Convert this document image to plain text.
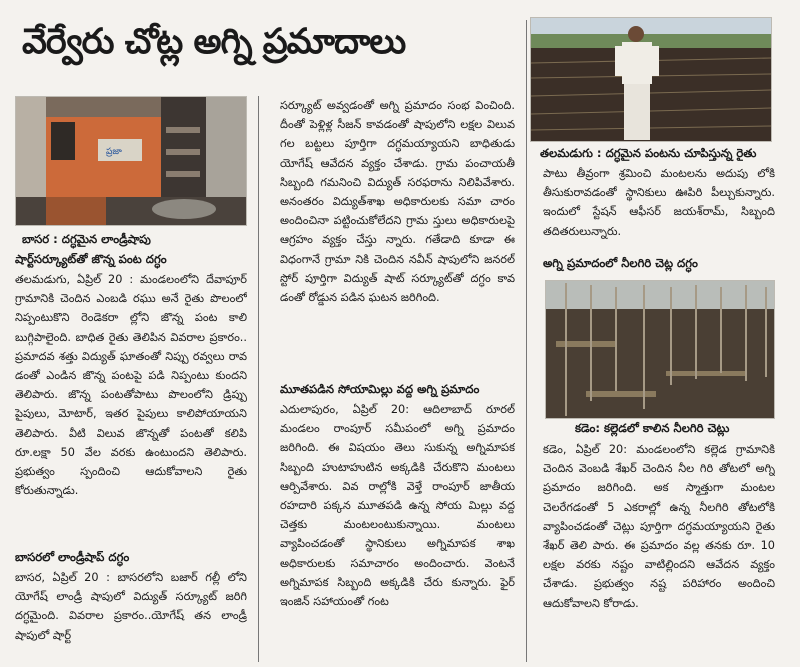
వేర్వేరు చోట్ల అగ్ని ప్రమాదాలు
ప్రజా
బాసర : దగ్ధమైన లాండ్రీషాపు
షార్ట్‌సర్క్యూట్‌తో జొన్న పంట దగ్ధం

తలమడుగు, ఏప్రిల్ 20 : మండలంలోని దేవాపూర్ గ్రామానికి చెందిన ఎంబడి రఘు అనే రైతు పొలంలో నిప్పంటుకొని రెండెకరా ల్లోని జొన్న పంట కాలి బుగ్గిపాలైంది. బాధిత రైతు తెలిపిన వివరాల ప్రకారం.. ప్రమాదవ శత్తు విద్యుత్ ఘాతంతో నిప్పు రవ్వలు రావ డంతో ఎండిన జొన్న పంటపై పడి నిప్పంటు కుందని తెలిపారు. జొన్న పంటతోపాటు పొలంలోని డ్రిప్పు పైపులు, మోటార్, ఇతర పైపులు కాలిపోయాయని తెలిపారు. వీటి విలువ జొన్నతో పంటతో కలిపి రూ.లక్షా 50 వేల వరకు ఉంటుందని తెలిపారు. ప్రభుత్వం స్పందించి ఆదుకోవాలని రైతు కోరుతున్నాడు.

బాసరలో లాండ్రీషాప్ దగ్ధం

బాసర, ఏప్రిల్ 20 : బాసరలోని బజార్ గల్లీ లోని యోగేష్ లాండ్రీ షాపులో విద్యుత్ సర్క్యూట్ జరిగి దగ్ధమైంది. వివరాల ప్రకారం..యోగేష్ తన లాండ్రీ షాపులో షార్ట్

సర్క్యూట్ అవ్వడంతో అగ్ని ప్రమాదం సంభ వించింది. దీంతో పెళ్లిళ్ల సీజన్ కావడంతో షాపులోని లక్షల విలువ గల బట్టలు పూర్తిగా దగ్ధమయ్యాయని బాధితుడు యోగేష్ ఆవేదన వ్యక్తం చేశాడు. గ్రామ పంచాయతీ సిబ్బంది గమనించి విద్యుత్ సరఫరాను నిలిపివేశారు. అనంతరం విద్యుత్‌శాఖ అధికారులకు సమా చారం అందించినా పట్టించుకోలేదని గ్రామ స్తులు అధికారులపై ఆగ్రహం వ్యక్తం చేస్తు న్నారు. గతేడాది కూడా ఈ విధంగానే గ్రామా నికి చెందిన నవీన్ షాపులోని జనరల్ స్టోర్ పూర్తిగా విద్యుత్ షాట్ సర్క్యూట్‌తో దగ్ధం కావ డంతో రోడ్డున పడిన ఘటన జరిగింది.

మూతపడిన సోయామిల్లు వద్ద అగ్ని ప్రమాదం

ఎదులాపురం, ఏప్రిల్ 20: ఆదిలాబాద్ రూరల్ మండలం రాంపూర్ సమీపంలో అగ్ని ప్రమాదం జరిగింది. ఈ విషయం తెలు సుకున్న అగ్నిమాపక సిబ్బంది హుటాహుటిన అక్కడికి చేరుకొని మంటలు ఆర్పివేశారు. వివ రాల్లోకి వెళ్తే రాంపూర్ జాతీయ రహదారి పక్కన మూతపడి ఉన్న సోయ మిల్లు వద్ద చెత్తకు మంటలంటుకున్నాయి. మంటలు వ్యాపించడంతో స్థానికులు అగ్నిమాపక శాఖ అధికారులకు సమాచారం అందించారు. వెంటనే అగ్నిమాపక సిబ్బంది అక్కడికి చేరు కున్నారు. ఫైర్ ఇంజిన్ సహాయంతో గంట

తలమడుగు : దగ్ధమైన పంటను చూపిస్తున్న రైతు

పాటు తీవ్రంగా శ్రమించి మంటలను అదుపు లోకి తీసుకురావడంతో స్థానికులు ఊపిరి పీల్చుకున్నారు. ఇందులో స్టేషన్ ఆఫీసర్ జయశ్‌రామ్, సిబ్బంది తదితరులున్నారు.

అగ్ని ప్రమాదంలో నీలగిరి చెట్ల దగ్ధం
కడెం: కల్లెడలో కాలిన నీలగిరి చెట్లు

కడెం, ఏప్రిల్ 20: మండలంలోని కల్లెడ గ్రామానికి చెందిన వెంబడి శేఖర్ చెందిన నీల గిరి తోటలో అగ్ని ప్రమాదం జరిగింది. అక స్మాత్తుగా మంటల చెలరేగడంతో 5 ఎకరాల్లో ఉన్న నీలగిరి తోటలోకి వ్యాపించడంతో చెట్లు పూర్తిగా దగ్ధమయ్యాయని రైతు శేఖర్ తెలి పారు. ఈ ప్రమాదం వల్ల తనకు రూ. 10 లక్షల వరకు నష్టం వాటిల్లిందని ఆవేదన వ్యక్తం చేశాడు. ప్రభుత్వం నష్ట పరిహారం అందించి ఆదుకోవాలని కోరాడు.
